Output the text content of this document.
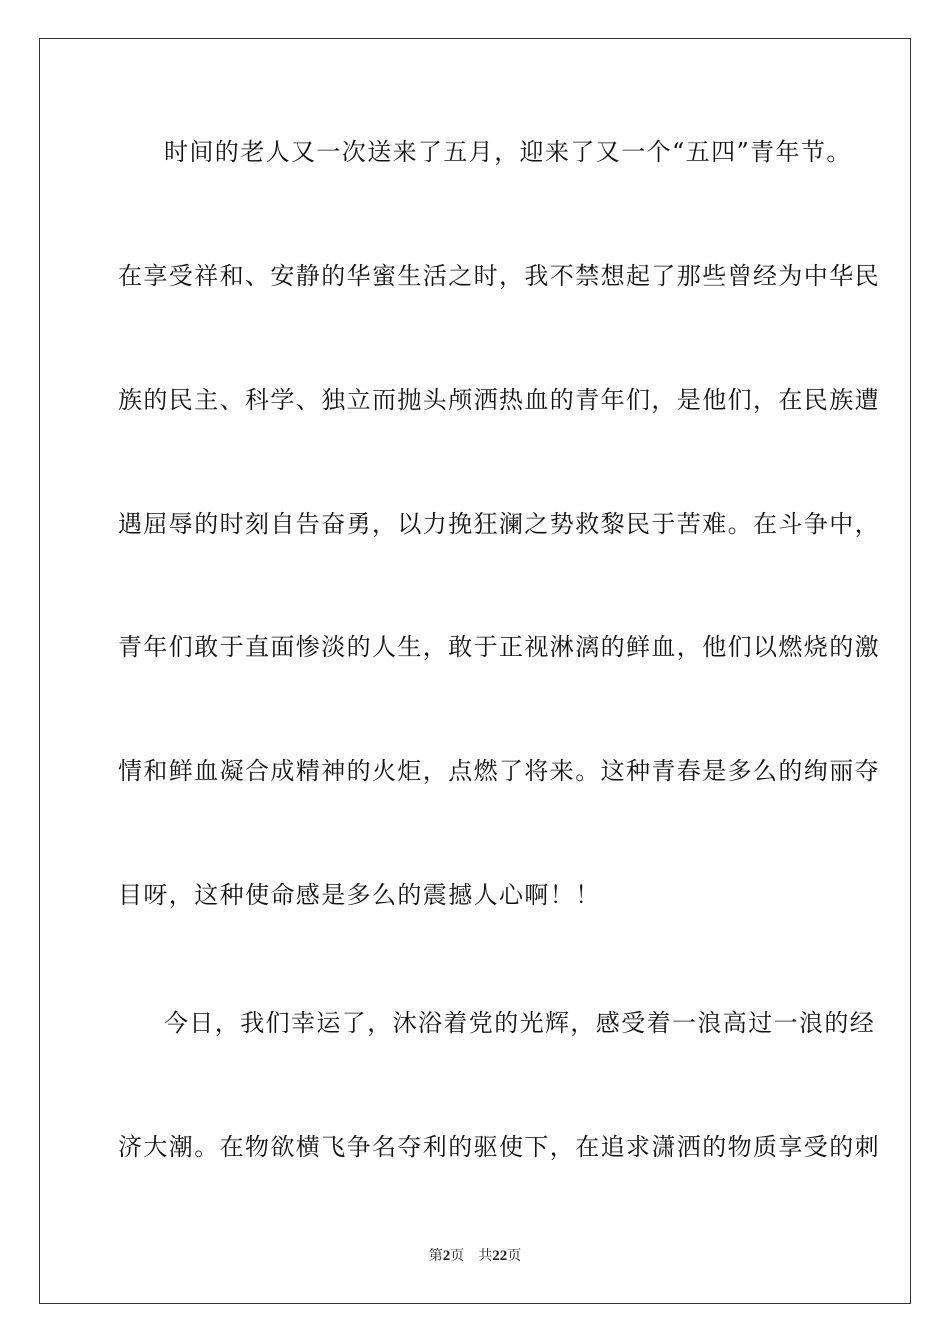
时间的老人又一次送来了五月，迎来了又一个“五四”青年节。
在享受祥和、安静的华蜜生活之时，我不禁想起了那些曾经为中华民
族的民主、科学、独立而抛头颅洒热血的青年们，是他们，在民族遭
遇屈辱的时刻自告奋勇，以力挽狂澜之势救黎民于苦难。在斗争中，
青年们敢于直面惨淡的人生，敢于正视淋漓的鲜血，他们以燃烧的激
情和鲜血凝合成精神的火炬，点燃了将来。这种青春是多么的绚丽夺
目呀，这种使命感是多么的震撼人心啊！！
今日，我们幸运了，沐浴着党的光辉，感受着一浪高过一浪的经
济大潮。在物欲横飞争名夺利的驱使下，在追求潇洒的物质享受的刺
第2页 共22页
